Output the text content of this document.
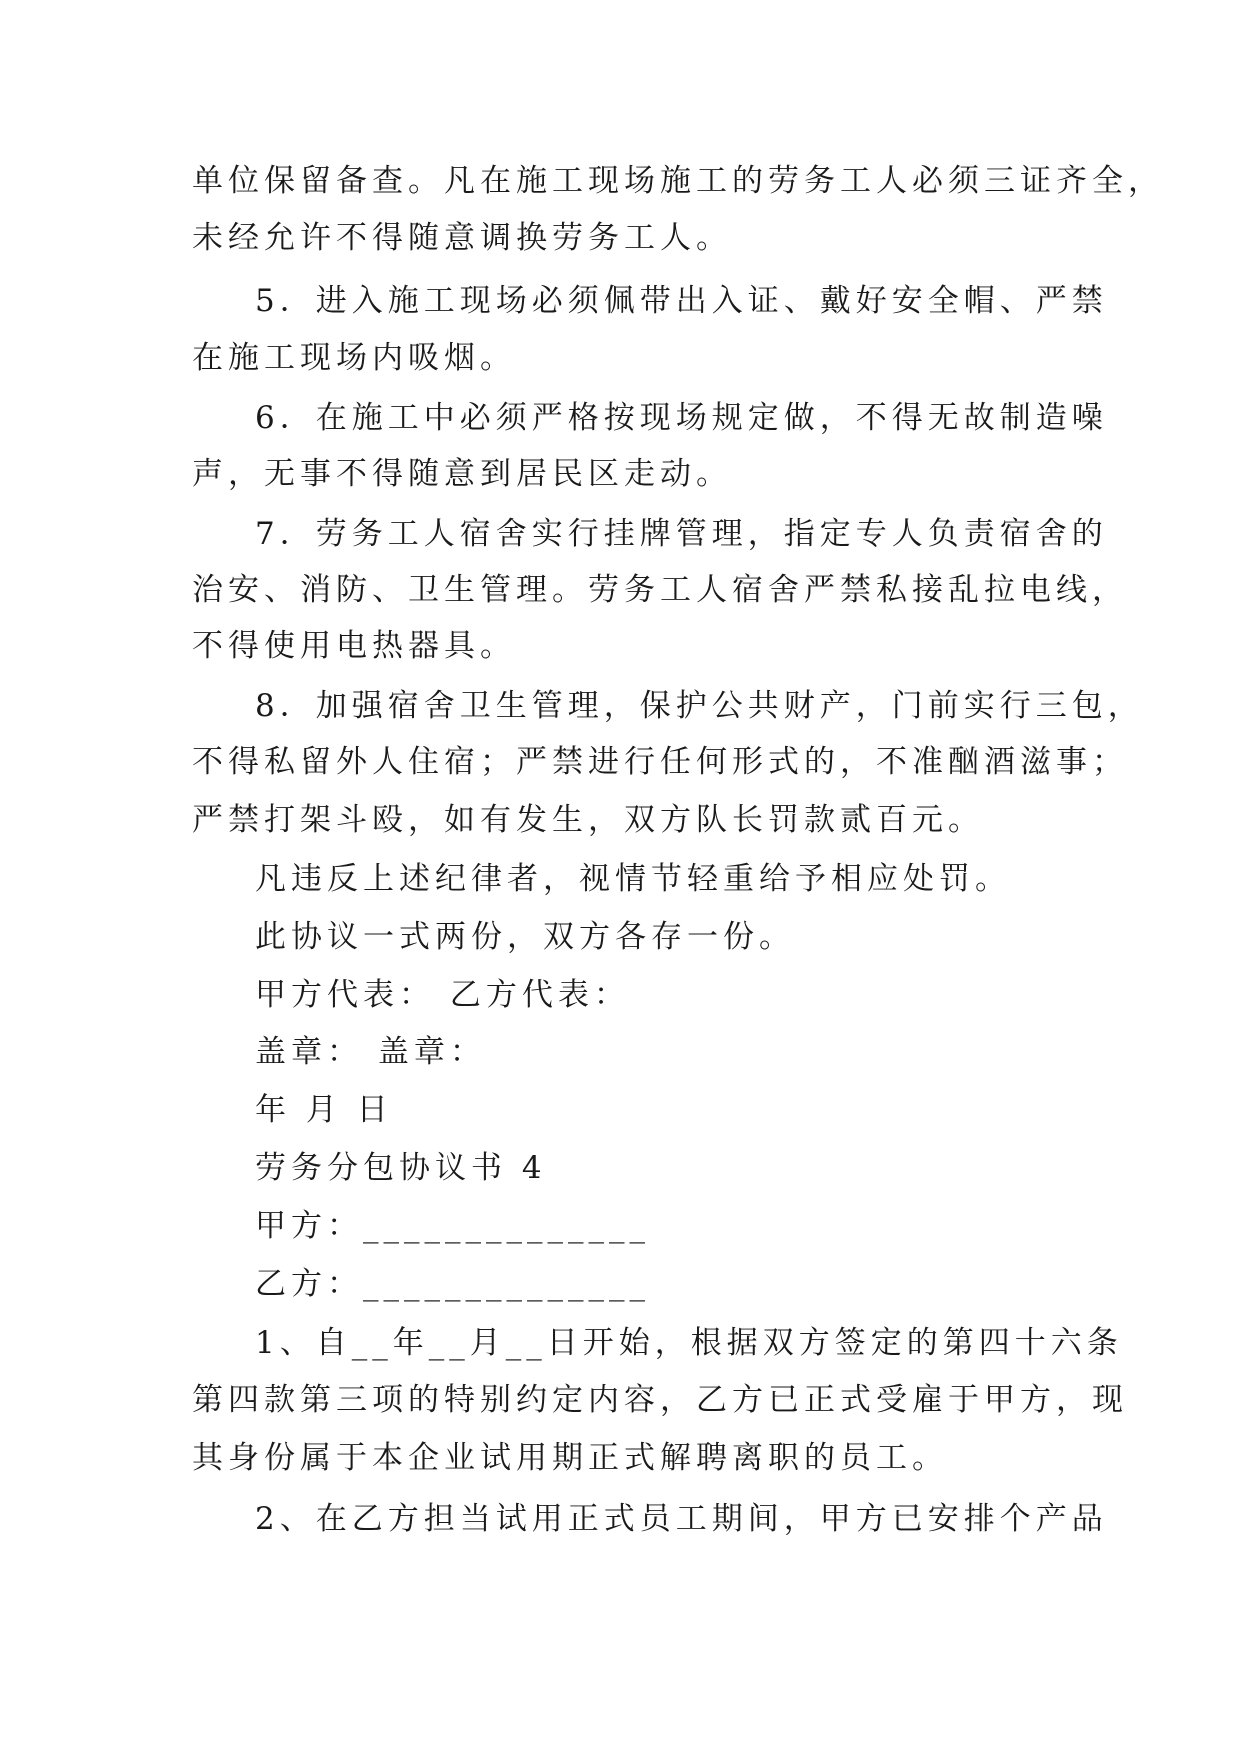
单位保留备查。凡在施工现场施工的劳务工人必须三证齐全，
未经允许不得随意调换劳务工人。
5．进入施工现场必须佩带出入证、戴好安全帽、严禁
在施工现场内吸烟。
6．在施工中必须严格按现场规定做，不得无故制造噪
声，无事不得随意到居民区走动。
7．劳务工人宿舍实行挂牌管理，指定专人负责宿舍的
治安、消防、卫生管理。劳务工人宿舍严禁私接乱拉电线，
不得使用电热器具。
8．加强宿舍卫生管理，保护公共财产，门前实行三包，
不得私留外人住宿；严禁进行任何形式的，不准酗酒滋事；
严禁打架斗殴，如有发生，双方队长罚款贰百元。
凡违反上述纪律者，视情节轻重给予相应处罚。
此协议一式两份，双方各存一份。
甲方代表： 乙方代表：
盖章： 盖章：
年 月 日
劳务分包协议书 4
甲方：______________
乙方：______________
1、自__年__月__日开始，根据双方签定的第四十六条
第四款第三项的特别约定内容，乙方已正式受雇于甲方，现
其身份属于本企业试用期正式解聘离职的员工。
2、在乙方担当试用正式员工期间，甲方已安排个产品
